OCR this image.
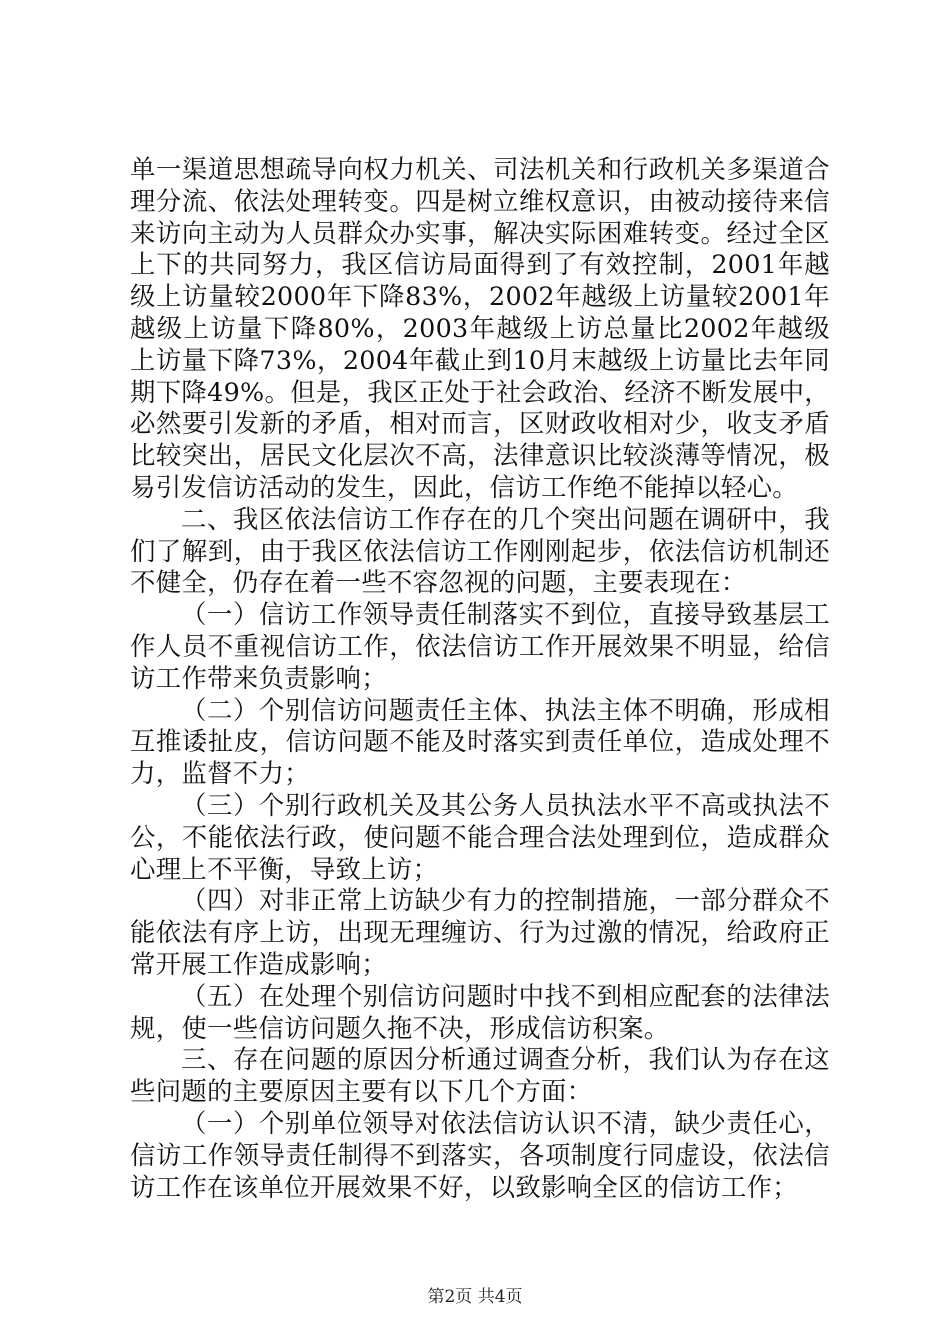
单一渠道思想疏导向权力机关、司法机关和行政机关多渠道合理分流、依法处理转变。四是树立维权意识，由被动接待来信来访向主动为人员群众办实事，解决实际困难转变。经过全区上下的共同努力，我区信访局面得到了有效控制，2001年越级上访量较2000年下降83%，2002年越级上访量较2001年越级上访量下降80%，2003年越级上访总量比2002年越级上访量下降73%，2004年截止到10月末越级上访量比去年同期下降49%。但是，我区正处于社会政治、经济不断发展中，必然要引发新的矛盾，相对而言，区财政收相对少，收支矛盾比较突出，居民文化层次不高，法律意识比较淡薄等情况，极易引发信访活动的发生，因此，信访工作绝不能掉以轻心。

二、我区依法信访工作存在的几个突出问题在调研中，我们了解到，由于我区依法信访工作刚刚起步，依法信访机制还不健全，仍存在着一些不容忽视的问题，主要表现在：

（一）信访工作领导责任制落实不到位，直接导致基层工作人员不重视信访工作，依法信访工作开展效果不明显，给信访工作带来负责影响；

（二）个别信访问题责任主体、执法主体不明确，形成相互推诿扯皮，信访问题不能及时落实到责任单位，造成处理不力，监督不力；

（三）个别行政机关及其公务人员执法水平不高或执法不公，不能依法行政，使问题不能合理合法处理到位，造成群众心理上不平衡，导致上访；

（四）对非正常上访缺少有力的控制措施，一部分群众不能依法有序上访，出现无理缠访、行为过激的情况，给政府正常开展工作造成影响；

（五）在处理个别信访问题时中找不到相应配套的法律法规，使一些信访问题久拖不决，形成信访积案。

三、存在问题的原因分析通过调查分析，我们认为存在这些问题的主要原因主要有以下几个方面：

（一）个别单位领导对依法信访认识不清，缺少责任心，信访工作领导责任制得不到落实，各项制度行同虚设，依法信访工作在该单位开展效果不好，以致影响全区的信访工作；

第2页 共4页
